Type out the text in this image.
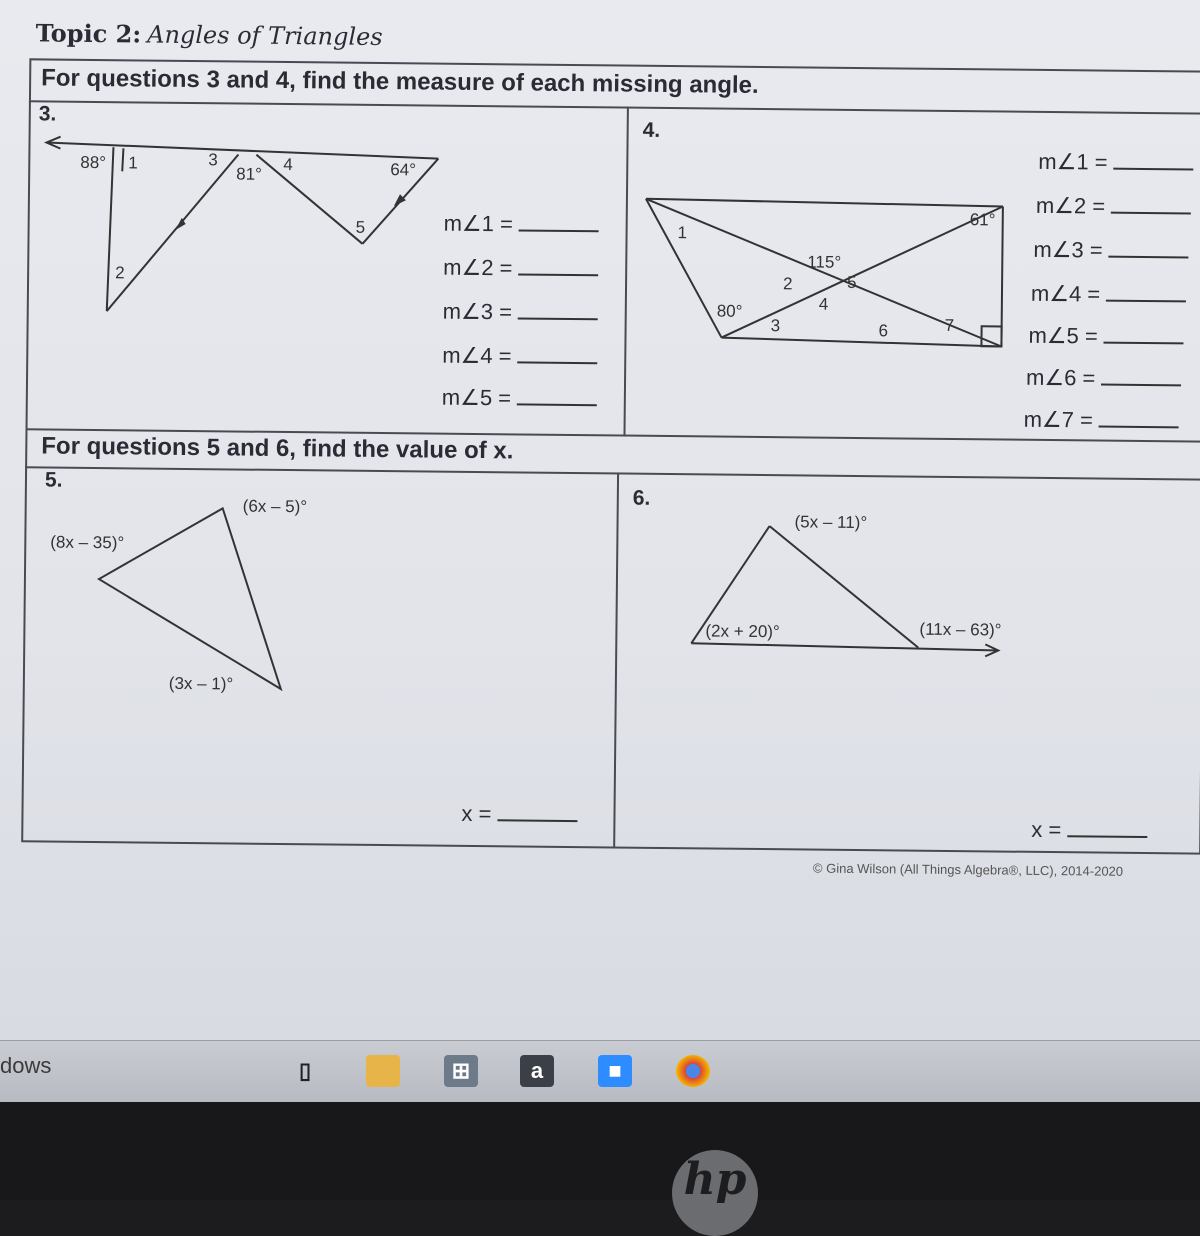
Topic 2: Angles of Triangles
For questions 3 and 4, find the measure of each missing angle.
For questions 5 and 6, find the value of x.
3.
4.
5.
6.
88° 1	3
81° 4	64°
5
2
m∠1 =
m∠2 =
m∠3 =
m∠4 =
m∠5 =
1
61°
115°
2	5
4
80°
3	6	7
m∠1 =
m∠2 =
m∠3 =
m∠4 =
m∠5 =
m∠6 =
m∠7 =
(6x – 5)°
(8x – 35)°
(3x – 1)°
x =
(5x – 11)°
(2x + 20)°	(11x – 63)°
x =
© Gina Wilson (All Things Algebra®, LLC), 2014-2020
dows	▯	⊞	a	■
hp
